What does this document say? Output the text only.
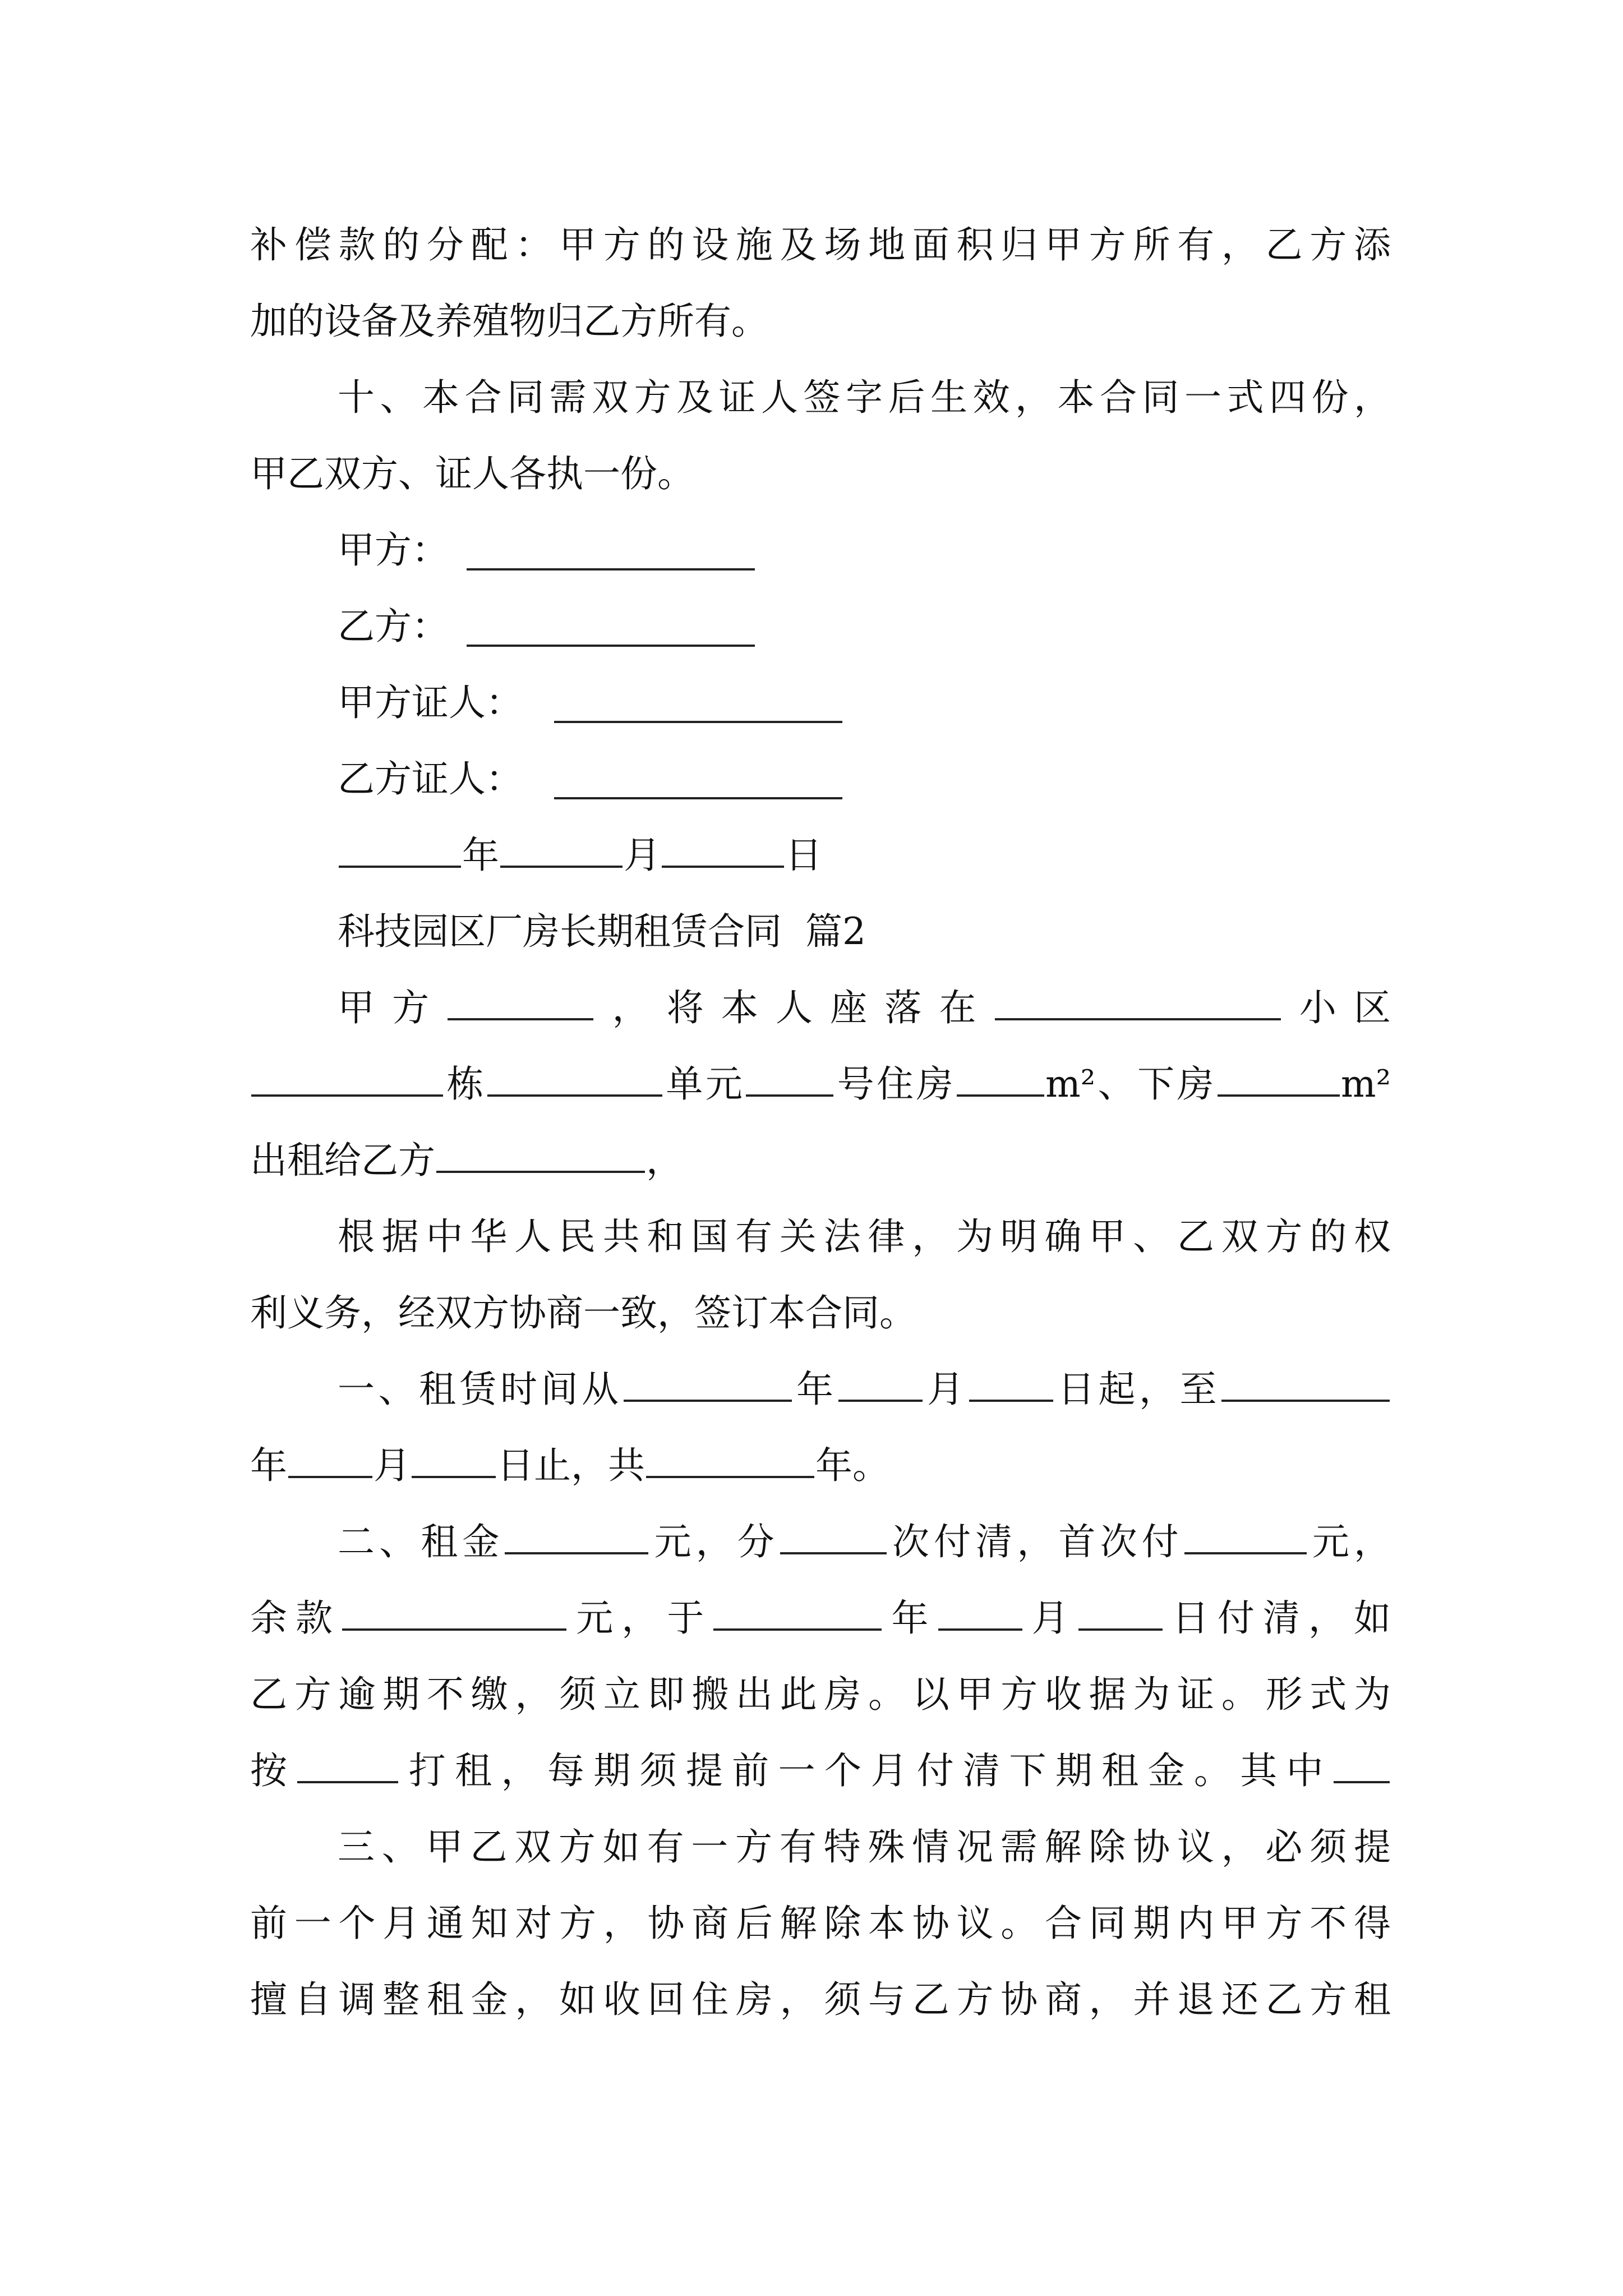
补偿款的分配：甲方的设施及场地面积归甲方所有，乙方添

加的设备及养殖物归乙方所有。

十、本合同需双方及证人签字后生效，本合同一式四份，

甲乙双方、证人各执一份。

甲方：
乙方：
甲方证人：
乙方证人：
年	月	日
科技园区厂房长期租赁合同  篇2
甲方	，将本人座落在	小区
栋	单元 号住房 m²、下房	m²
出租给乙方	，

根据中华人民共和国有关法律，为明确甲、乙双方的权

利义务，经双方协商一致，签订本合同。

一、租赁时间从	年 月 日起，至
年 月 日止，共	年。
二、租金	元，分	次付清，首次付	元，
余款	元，于	年 月 日付清，如

乙方逾期不缴，须立即搬出此房。以甲方收据为证。形式为

按	打租，每期须提前一个月付清下期租金。其中

三、甲乙双方如有一方有特殊情况需解除协议，必须提

前一个月通知对方，协商后解除本协议。合同期内甲方不得

擅自调整租金，如收回住房，须与乙方协商，并退还乙方租
